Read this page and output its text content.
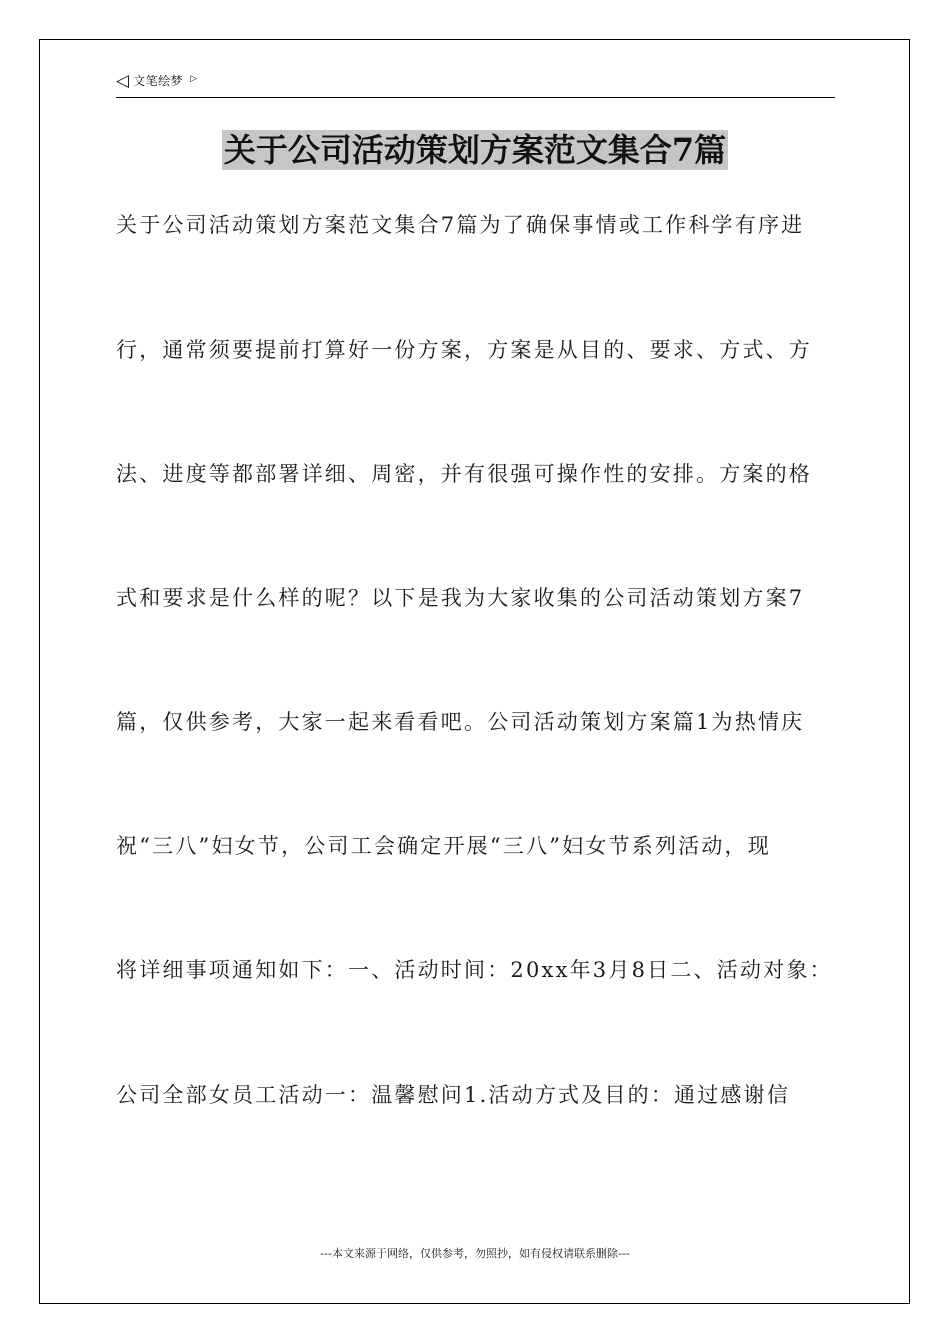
◁ 文笔绘梦 ▷
关于公司活动策划方案范文集合7篇
关于公司活动策划方案范文集合7篇为了确保事情或工作科学有序进
行，通常须要提前打算好一份方案，方案是从目的、要求、方式、方
法、进度等都部署详细、周密，并有很强可操作性的安排。方案的格
式和要求是什么样的呢？以下是我为大家收集的公司活动策划方案7
篇，仅供参考，大家一起来看看吧。公司活动策划方案篇1为热情庆
祝“三八”妇女节，公司工会确定开展“三八”妇女节系列活动，现
将详细事项通知如下：一、活动时间：20xx年3月8日二、活动对象：
公司全部女员工活动一：温馨慰问1.活动方式及目的：通过感谢信
---本文来源于网络，仅供参考，勿照抄，如有侵权请联系删除---
